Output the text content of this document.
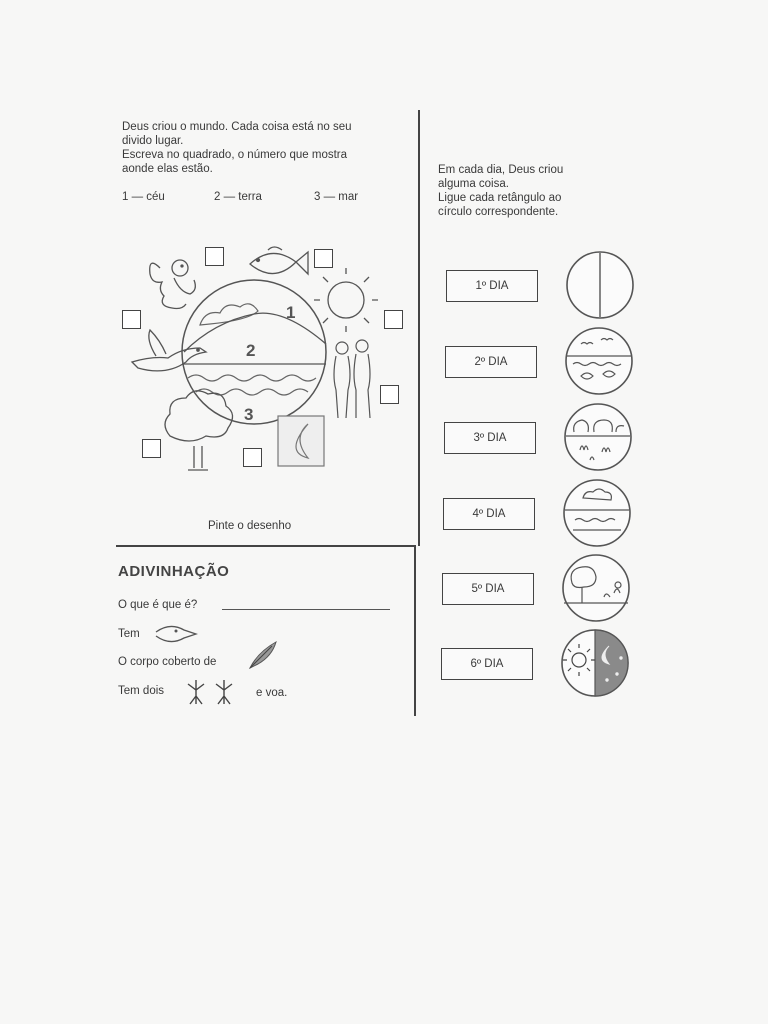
Deus criou o mundo. Cada coisa está no seu
divido lugar.
Escreva no quadrado, o número que mostra
aonde elas estão.
1 — céu	2 — terra	3 — mar
1
2
3
Pinte o desenho
Em cada dia, Deus criou
alguma coisa.
Ligue cada retângulo ao
círculo correspondente.
1º DIA
2º DIA
3º DIA
4º DIA
5º DIA
6º DIA
ADIVINHAÇÃO
O que é que é?
Tem
O corpo coberto de
Tem dois	e voa.
